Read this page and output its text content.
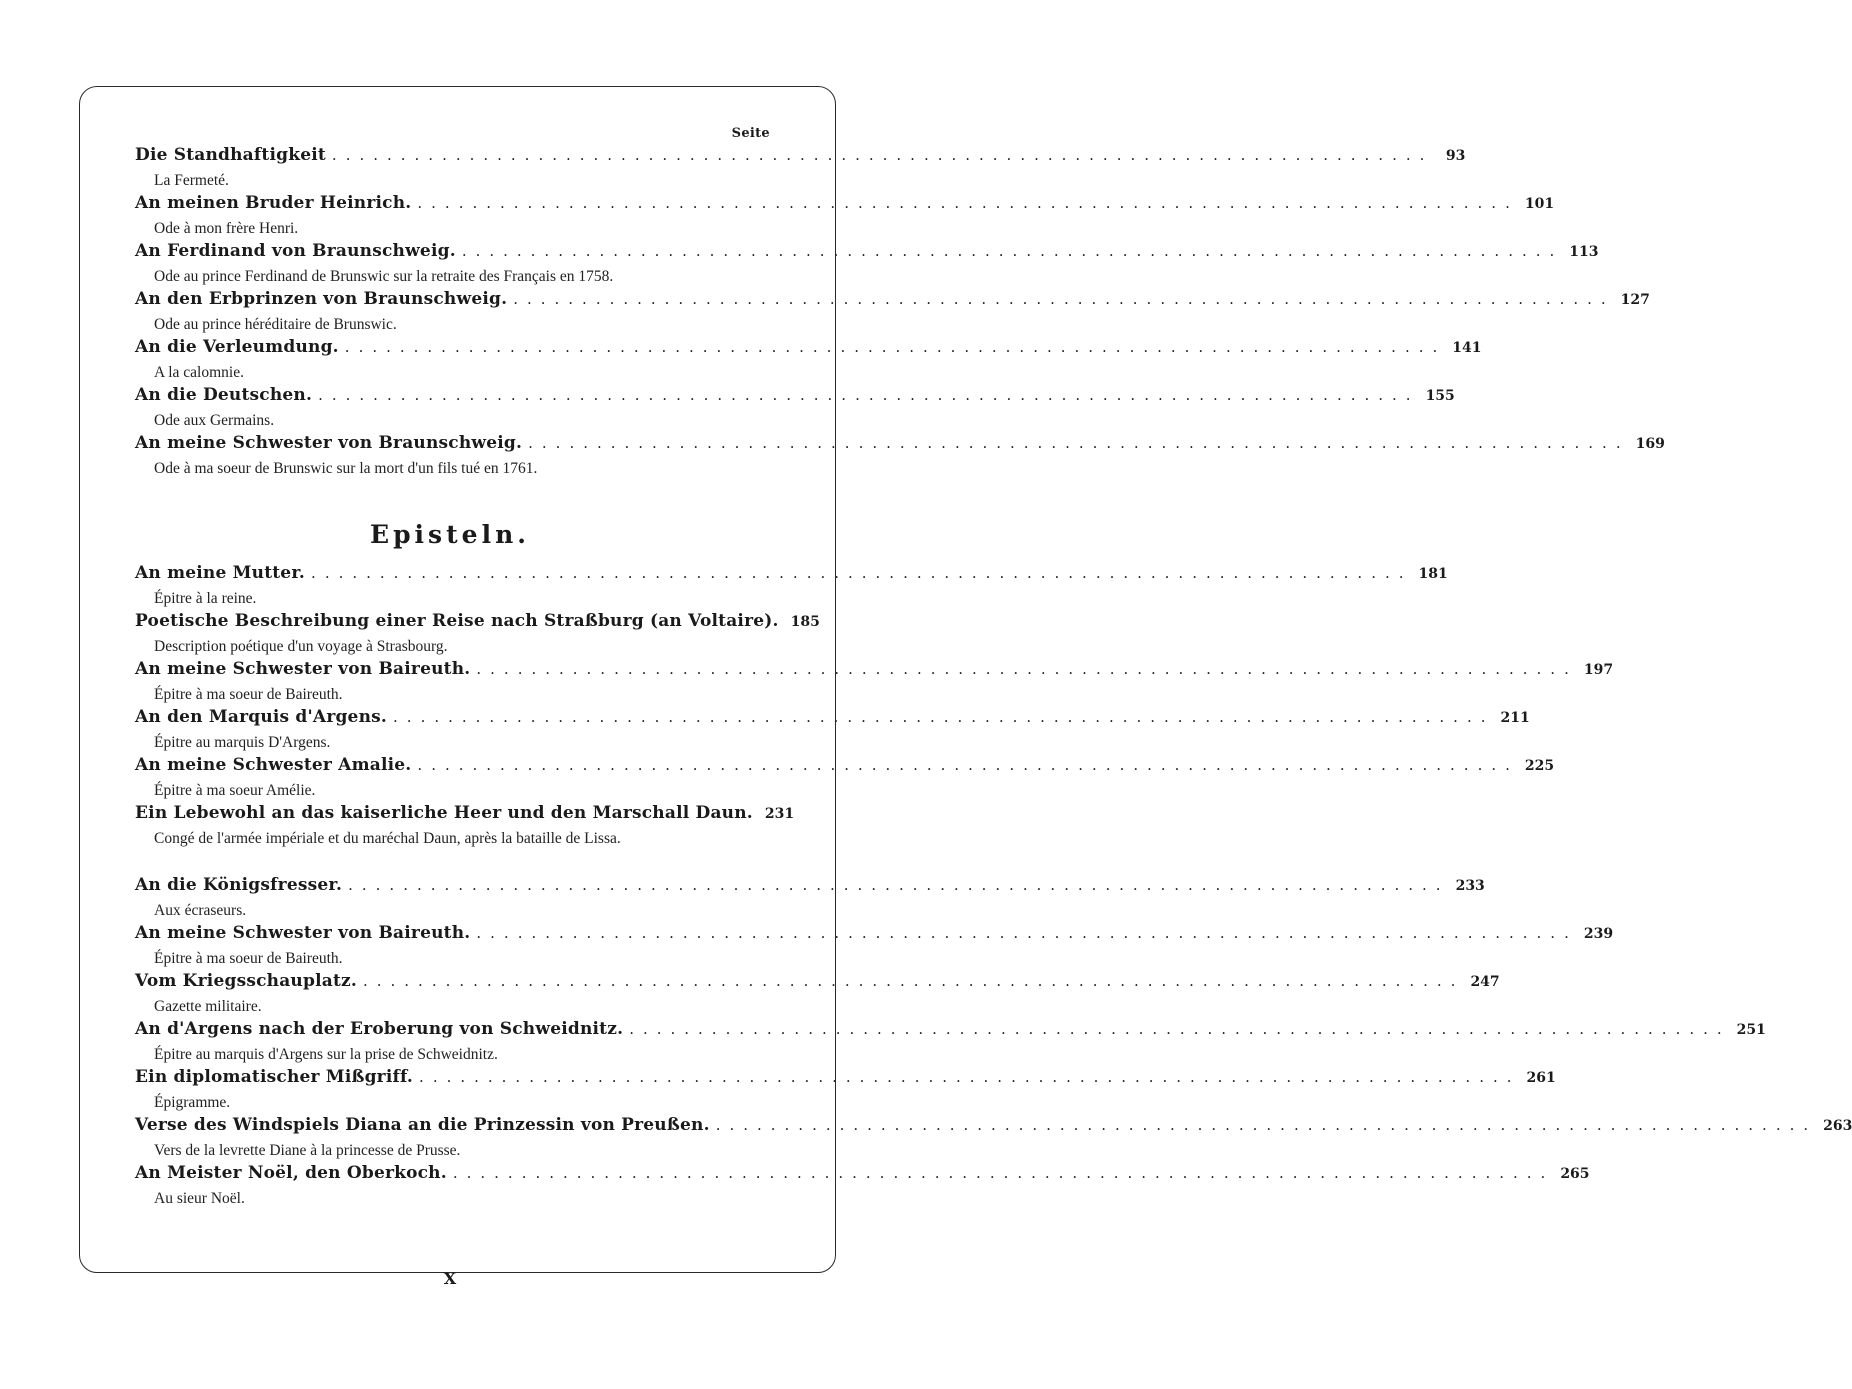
Seite
Die Standhaftigkeit ................................................................................ 93
La Fermeté.
An meinen Bruder Heinrich. ................................................................................ 101
Ode à mon frère Henri.
An Ferdinand von Braunschweig. ................................................................................ 113
Ode au prince Ferdinand de Brunswic sur la retraite des Français en 1758.
An den Erbprinzen von Braunschweig. ................................................................................ 127
Ode au prince héréditaire de Brunswic.
An die Verleumdung. ................................................................................ 141
A la calomnie.
An die Deutschen. ................................................................................ 155
Ode aux Germains.
An meine Schwester von Braunschweig. ................................................................................ 169
Ode à ma soeur de Brunswic sur la mort d'un fils tué en 1761.
Episteln.
An meine Mutter. ................................................................................ 181
Épitre à la reine.
Poetische Beschreibung einer Reise nach Straßburg (an Voltaire). 185
Description poétique d'un voyage à Strasbourg.
An meine Schwester von Baireuth. ................................................................................ 197
Épitre à ma soeur de Baireuth.
An den Marquis d'Argens. ................................................................................ 211
Épitre au marquis D'Argens.
An meine Schwester Amalie. ................................................................................ 225
Épitre à ma soeur Amélie.
Ein Lebewohl an das kaiserliche Heer und den Marschall Daun. 231
Congé de l'armée impériale et du maréchal Daun, après la bataille de Lissa.
An die Königsfresser. ................................................................................ 233
Aux écraseurs.
An meine Schwester von Baireuth. ................................................................................ 239
Épitre à ma soeur de Baireuth.
Vom Kriegsschauplatz. ................................................................................ 247
Gazette militaire.
An d'Argens nach der Eroberung von Schweidnitz. ................................................................................ 251
Épitre au marquis d'Argens sur la prise de Schweidnitz.
Ein diplomatischer Mißgriff. ................................................................................ 261
Épigramme.
Verse des Windspiels Diana an die Prinzessin von Preußen. ................................................................................ 263
Vers de la levrette Diane à la princesse de Prusse.
An Meister Noël, den Oberkoch. ................................................................................ 265
Au sieur Noël.
X
